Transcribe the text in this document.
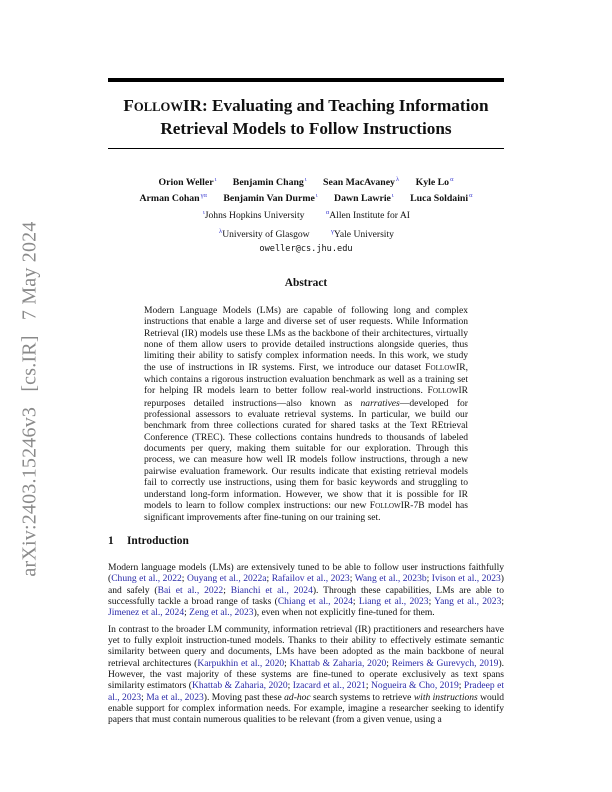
arXiv:2403.15246v3 [cs.IR] 7 May 2024
FOLLOWIR: Evaluating and Teaching Information
Retrieval Models to Follow Instructions
Orion Weller$^\iota$ Benjamin Chang$^\iota$ Sean MacAvaney$^\lambda$ Kyle $Lo^\alpha$
Arman Cohan$^{\gamma\alpha}$ Benjamin Van Durme$^\iota$ Dawn Lawrie$^\iota$ Luca Soldaini$^\alpha$
$^\iota$Johns Hopkins University	$^\alpha$Allen Institute for AI
$^\lambda$University of Glasgow	$^\gamma$Yale University
oweller@cs.jhu.edu
Abstract
Modern Language Models (LMs) are capable of following long and complex instructions that enable a large and diverse set of user requests. While Information Retrieval (IR) models use these LMs as the backbone of their architectures, virtually none of them allow users to provide detailed instructions alongside queries, thus limiting their ability to satisfy complex information needs. In this work, we study the use of instructions in IR systems. First, we introduce our dataset FOLLOWIR, which contains a rigorous instruction evaluation benchmark as well as a training set for helping IR models learn to better follow real-world instructions. FOLLOWIR repurposes detailed instructions—also known as narratives—developed for professional assessors to evaluate retrieval systems. In particular, we build our benchmark from three collections curated for shared tasks at the Text REtrieval Conference (TREC). These collections contains hundreds to thousands of labeled documents per query, making them suitable for our exploration. Through this process, we can measure how well IR models follow instructions, through a new pairwise evaluation framework. Our results indicate that existing retrieval models fail to correctly use instructions, using them for basic keywords and struggling to understand long-form information. However, we show that it is possible for IR models to learn to follow complex instructions: our new FOLLOWIR-7B model has significant improvements after fine-tuning on our training set.
1 Introduction

Modern language models (LMs) are extensively tuned to be able to follow user instructions faithfully (Chung et al., 2022; Ouyang et al., 2022a; Rafailov et al., 2023; Wang et al., 2023b; Ivison et al., 2023) and safely (Bai et al., 2022; Bianchi et al., 2024). Through these capabilities, LMs are able to successfully tackle a broad range of tasks (Chiang et al., 2024; Liang et al., 2023; Yang et al., 2023; Jimenez et al., 2024; Zeng et al., 2023), even when not explicitly fine-tuned for them.

In contrast to the broader LM community, information retrieval (IR) practitioners and researchers have yet to fully exploit instruction-tuned models. Thanks to their ability to effectively estimate semantic similarity between query and documents, LMs have been adopted as the main backbone of neural retrieval architectures (Karpukhin et al., 2020; Khattab & Zaharia, 2020; Reimers & Gurevych, 2019). However, the vast majority of these systems are fine-tuned to operate exclusively as text spans similarity estimators (Khattab & Zaharia, 2020; Izacard et al., 2021; Nogueira & Cho, 2019; Pradeep et al., 2023; Ma et al., 2023). Moving past these ad-hoc search systems to retrieve with instructions would enable support for complex information needs. For example, imagine a researcher seeking to identify papers that must contain numerous qualities to be relevant (from a given venue, using a
